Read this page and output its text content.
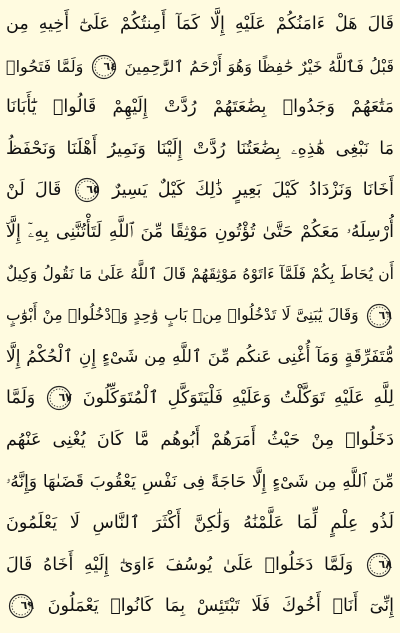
قَالَ هَلْ ءَامَنُكُمْ عَلَيْهِ إِلَّا كَمَآ أَمِنتُكُمْ عَلَىٰٓ أَخِيهِ مِن
قَبْلُ فَٱللَّهُ خَيْرٌ حَٰفِظًا وَهُوَ أَرْحَمُ ٱلرَّٰحِمِينَ
٦٤
وَلَمَّا فَتَحُوا۟
مَتَٰعَهُمْ وَجَدُوا۟ بِضَٰعَتَهُمْ رُدَّتْ إِلَيْهِمْ قَالُوا۟ يَٰٓأَبَانَا
مَا نَبْغِى هَٰذِهِۦ بِضَٰعَتُنَا رُدَّتْ إِلَيْنَا وَنَمِيرُ أَهْلَنَا وَنَحْفَظُ
أَخَانَا وَنَزْدَادُ كَيْلَ بَعِيرٍ ذَٰلِكَ كَيْلٌ يَسِيرٌ
٦٥
قَالَ لَنْ
أُرْسِلَهُۥ مَعَكُمْ حَتَّىٰ تُؤْتُونِ مَوْثِقًا مِّنَ ٱللَّهِ لَتَأْتُنَّنِى بِهِۦٓ إِلَّآ
أَن يُحَاطَ بِكُمْ فَلَمَّآ ءَاتَوْهُ مَوْثِقَهُمْ قَالَ ٱللَّهُ عَلَىٰ مَا نَقُولُ وَكِيلٌ
٦٦
وَقَالَ يَٰبَنِىَّ لَا تَدْخُلُوا۟ مِنۢ بَابٍ وَٰحِدٍ وَٱدْخُلُوا۟ مِنْ أَبْوَٰبٍ
مُّتَفَرِّقَةٍ وَمَآ أُغْنِى عَنكُم مِّنَ ٱللَّهِ مِن شَىْءٍ إِنِ ٱلْحُكْمُ إِلَّا
لِلَّهِ عَلَيْهِ تَوَكَّلْتُ وَعَلَيْهِ فَلْيَتَوَكَّلِ ٱلْمُتَوَكِّلُونَ
٦٧
وَلَمَّا
دَخَلُوا۟ مِنْ حَيْثُ أَمَرَهُمْ أَبُوهُم مَّا كَانَ يُغْنِى عَنْهُم
مِّنَ ٱللَّهِ مِن شَىْءٍ إِلَّا حَاجَةً فِى نَفْسِ يَعْقُوبَ قَضَىٰهَا وَإِنَّهُۥ
لَذُو عِلْمٍ لِّمَا عَلَّمْنَٰهُ وَلَٰكِنَّ أَكْثَرَ ٱلنَّاسِ لَا يَعْلَمُونَ
٦٨
وَلَمَّا دَخَلُوا۟ عَلَىٰ يُوسُفَ ءَاوَىٰٓ إِلَيْهِ أَخَاهُ قَالَ
إِنِّىٓ أَنَا۠ أَخُوكَ فَلَا تَبْتَئِسْ بِمَا كَانُوا۟ يَعْمَلُونَ
٦٩
